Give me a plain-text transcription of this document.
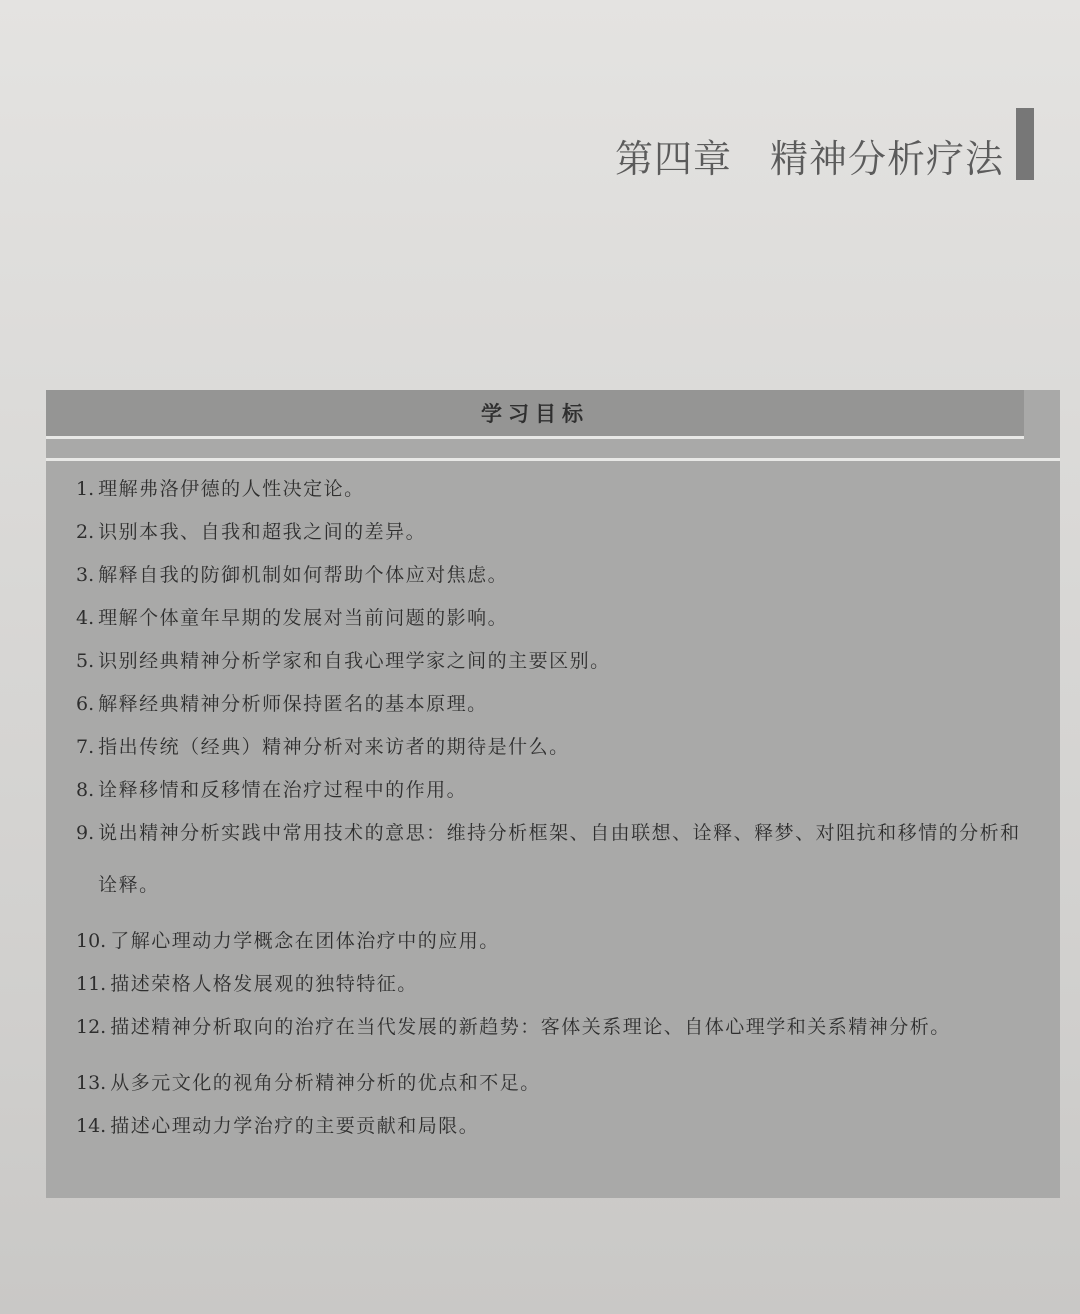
第四章 精神分析疗法
学习目标
1. 理解弗洛伊德的人性决定论。
2. 识别本我、自我和超我之间的差异。
3. 解释自我的防御机制如何帮助个体应对焦虑。
4. 理解个体童年早期的发展对当前问题的影响。
5. 识别经典精神分析学家和自我心理学家之间的主要区别。
6. 解释经典精神分析师保持匿名的基本原理。
7. 指出传统（经典）精神分析对来访者的期待是什么。
8. 诠释移情和反移情在治疗过程中的作用。
9. 说出精神分析实践中常用技术的意思：维持分析框架、自由联想、诠释、释梦、对阻抗和移情的分析和诠释。
10. 了解心理动力学概念在团体治疗中的应用。
11. 描述荣格人格发展观的独特特征。
12. 描述精神分析取向的治疗在当代发展的新趋势：客体关系理论、自体心理学和关系精神分析。
13. 从多元文化的视角分析精神分析的优点和不足。
14. 描述心理动力学治疗的主要贡献和局限。
